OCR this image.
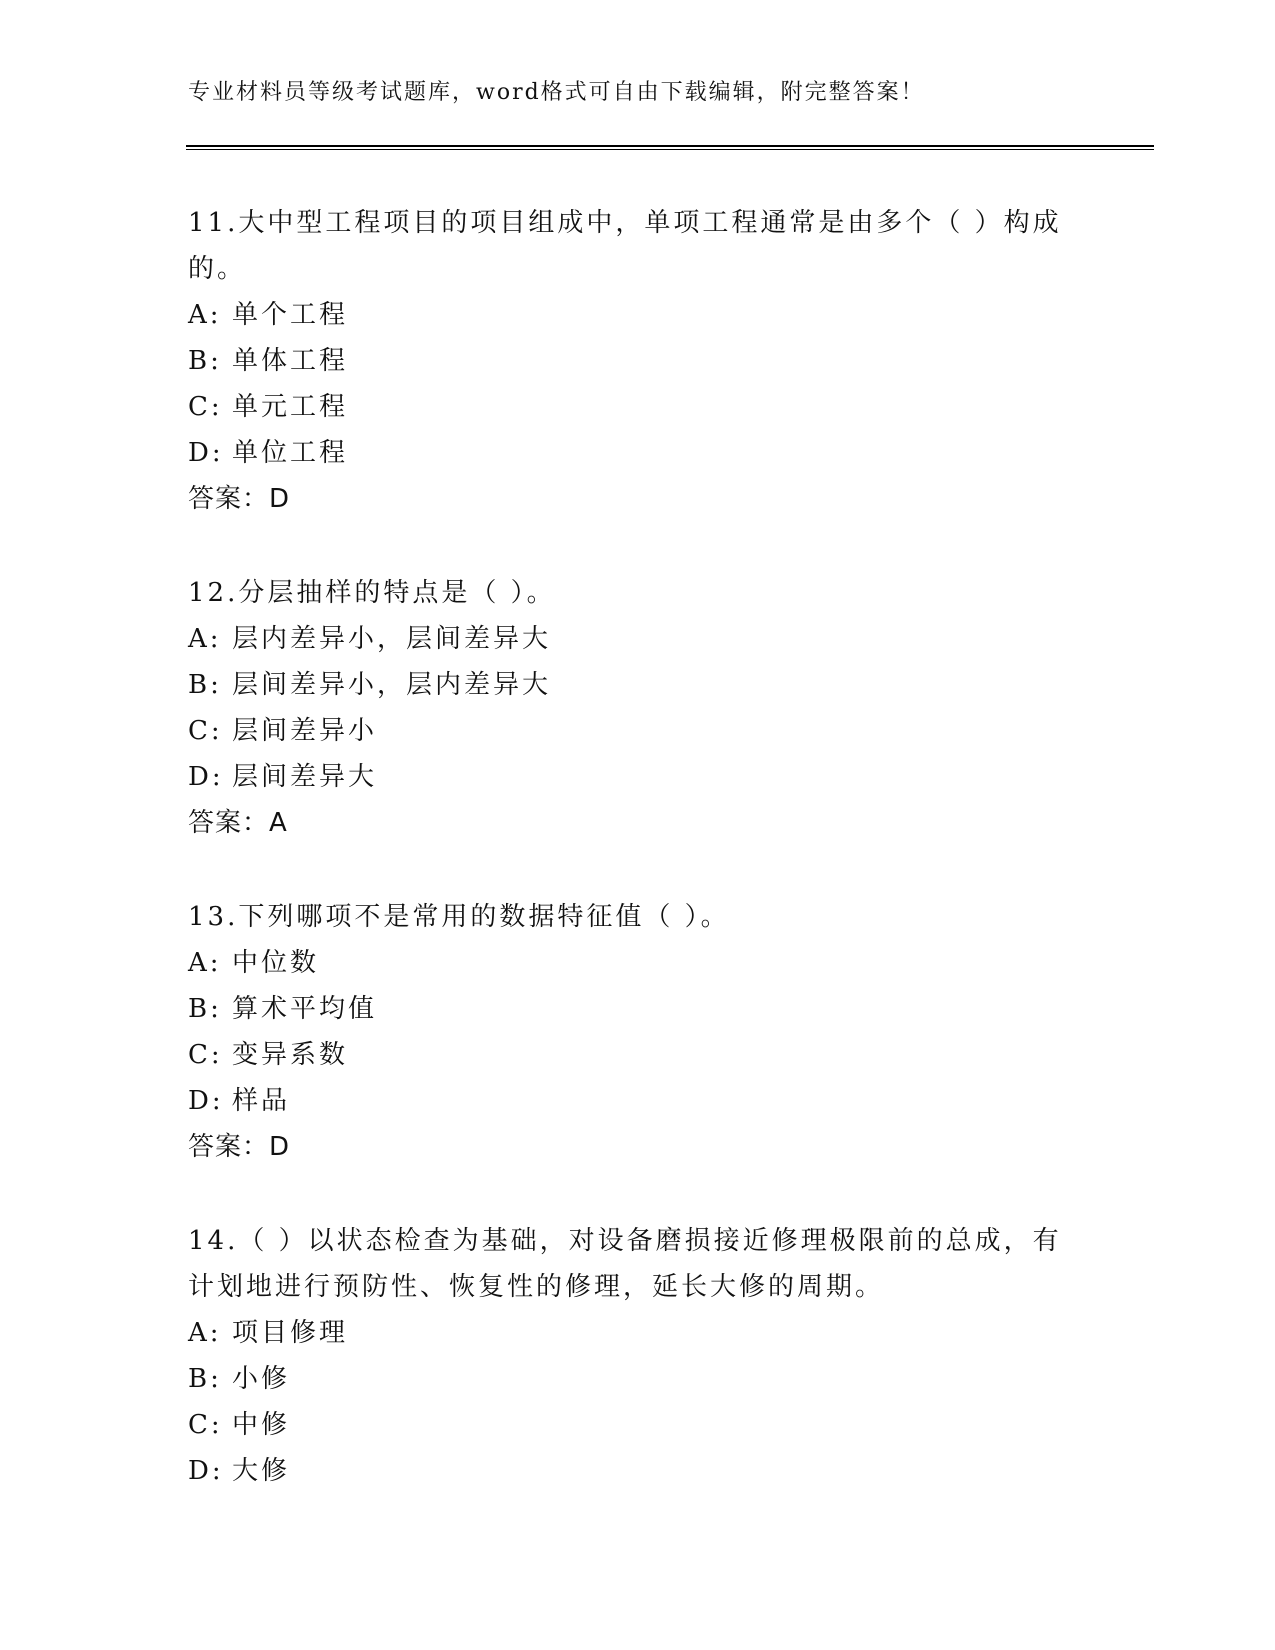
专业材料员等级考试题库，word格式可自由下载编辑，附完整答案！
11.大中型工程项目的项目组成中，单项工程通常是由多个（ ）构成的。
A: 单个工程
B: 单体工程
C: 单元工程
D: 单位工程
答案：D
12.分层抽样的特点是（ ）。
A: 层内差异小，层间差异大
B: 层间差异小，层内差异大
C: 层间差异小
D: 层间差异大
答案：A
13.下列哪项不是常用的数据特征值（ ）。
A: 中位数
B: 算术平均值
C: 变异系数
D: 样品
答案：D
14.（ ）以状态检查为基础，对设备磨损接近修理极限前的总成，有计划地进行预防性、恢复性的修理，延长大修的周期。
A: 项目修理
B: 小修
C: 中修
D: 大修
